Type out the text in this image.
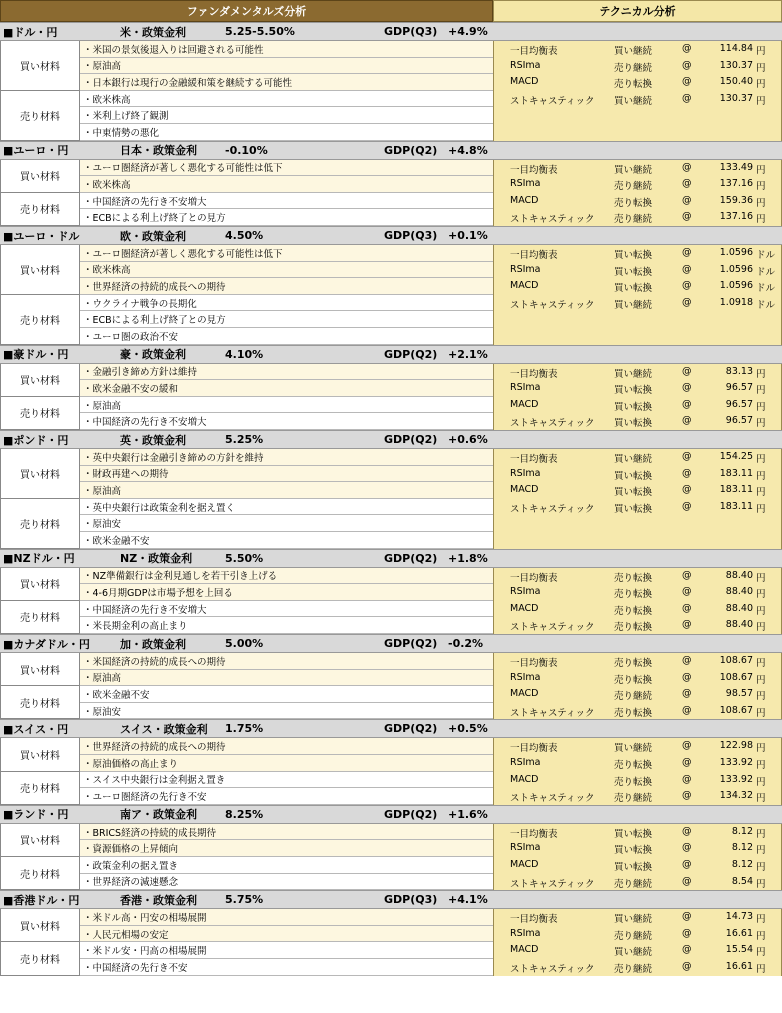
ファンダメンタルズ分析	テクニカル分析
■ドル・円	米・政策金利	5.25-5.50%	GDP(Q3) +4.9%
買い材料
・米国の景気後退入りは回避される可能性
・原油高
・日本銀行は現行の金融緩和策を継続する可能性
売り材料
・欧米株高
・米利上げ終了観測
・中東情勢の悪化
一目均衡表	買い継続	@	114.84 円
RSIma	売り継続	@	130.37 円
MACD	売り転換	@	150.40 円
ストキャスティック 買い継続	@	130.37 円
■ユーロ・円	日本・政策金利	-0.10%	GDP(Q2) +4.8%
買い材料
・ユーロ圏経済が著しく悪化する可能性は低下
・欧米株高
売り材料
・中国経済の先行き不安増大
・ECBによる利上げ終了との見方
一目均衡表	買い継続	@	133.49 円
RSIma	売り継続	@	137.16 円
MACD	売り転換	@	159.36 円
ストキャスティック 売り継続	@	137.16 円
■ユーロ・ドル	欧・政策金利	4.50%	GDP(Q3) +0.1%
買い材料
・ユーロ圏経済が著しく悪化する可能性は低下
・欧米株高
・世界経済の持続的成長への期待
売り材料
・ウクライナ戦争の長期化
・ECBによる利上げ終了との見方
・ユーロ圏の政治不安
一目均衡表	買い転換	@	1.0596 ドル
RSIma	買い転換	@	1.0596 ドル
MACD	買い転換	@	1.0596 ドル
ストキャスティック 買い継続	@	1.0918 ドル
■豪ドル・円	豪・政策金利	4.10%	GDP(Q2) +2.1%
買い材料
・金融引き締め方針は維持
・欧米金融不安の緩和
売り材料
・原油高
・中国経済の先行き不安増大
一目均衡表	買い継続	@	83.13 円
RSIma	買い転換	@	96.57 円
MACD	買い転換	@	96.57 円
ストキャスティック 買い転換	@	96.57 円
■ポンド・円	英・政策金利	5.25%	GDP(Q2) +0.6%
買い材料
・英中央銀行は金融引き締めの方針を維持
・財政再建への期待
・原油高
売り材料
・英中央銀行は政策金利を据え置く
・原油安
・欧米金融不安
一目均衡表	買い継続	@	154.25 円
RSIma	買い転換	@	183.11 円
MACD	買い転換	@	183.11 円
ストキャスティック 買い転換	@	183.11 円
■NZドル・円	NZ・政策金利	5.50%	GDP(Q2) +1.8%
買い材料
・NZ準備銀行は金利見通しを若干引き上げる
・4-6月期GDPは市場予想を上回る
売り材料
・中国経済の先行き不安増大
・米長期金利の高止まり
一目均衡表	売り転換	@	88.40 円
RSIma	売り転換	@	88.40 円
MACD	売り転換	@	88.40 円
ストキャスティック 売り転換	@	88.40 円
■カナダドル・円	加・政策金利	5.00%	GDP(Q2) -0.2%
買い材料
・米国経済の持続的成長への期待
・原油高
売り材料
・欧米金融不安
・原油安
一目均衡表	売り転換	@	108.67 円
RSIma	売り転換	@	108.67 円
MACD	売り継続	@	98.57 円
ストキャスティック 売り転換	@	108.67 円
■スイス・円	スイス・政策金利 1.75%	GDP(Q2) +0.5%
買い材料
・世界経済の持続的成長への期待
・原油価格の高止まり
売り材料
・スイス中央銀行は金利据え置き
・ユーロ圏経済の先行き不安
一目均衡表	買い継続	@	122.98 円
RSIma	売り転換	@	133.92 円
MACD	売り転換	@	133.92 円
ストキャスティック 売り継続	@	134.32 円
■ランド・円	南ア・政策金利	8.25%	GDP(Q2) +1.6%
買い材料
・BRICS経済の持続的成長期待
・資源価格の上昇傾向
売り材料
・政策金利の据え置き
・世界経済の減速懸念
一目均衡表	買い転換	@	8.12 円
RSIma	買い転換	@	8.12 円
MACD	買い転換	@	8.12 円
ストキャスティック 売り継続	@	8.54 円
■香港ドル・円	香港・政策金利	5.75%	GDP(Q3) +4.1%
買い材料
・米ドル高・円安の相場展開
・人民元相場の安定
売り材料
・米ドル安・円高の相場展開
・中国経済の先行き不安
一目均衡表	買い継続	@	14.73 円
RSIma	売り継続	@	16.61 円
MACD	買い継続	@	15.54 円
ストキャスティック 売り継続	@	16.61 円
